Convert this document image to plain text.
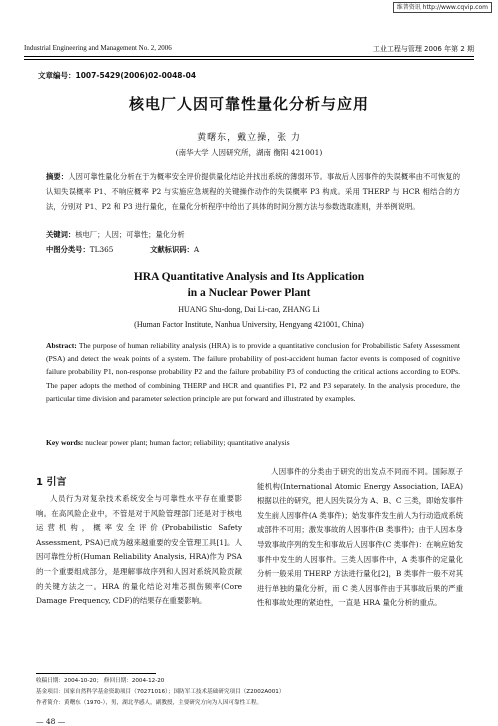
维普资讯 http://www.cqvip.com
Industrial Engineering and Management No. 2, 2006	工业工程与管理 2006 年第 2 期
文章编号：1007-5429(2006)02-0048-04
核电厂人因可靠性量化分析与应用
黄曙东，戴立操，张 力
(南华大学 人因研究所，湖南 衡阳 421001)
摘要：人因可靠性量化分析在于为概率安全评价提供量化结论并找出系统的薄弱环节。事故后人因事件的失误概率由不可恢复的认知失误概率 P1、不响应概率 P2 与实施应急规程的关键操作动作的失误概率 P3 构成。采用 THERP 与 HCR 相结合的方法，分别对 P1、P2 和 P3 进行量化，在量化分析程序中给出了具体的时间分割方法与参数选取准则，并举例说明。
关键词：核电厂；人因；可靠性；量化分析
中图分类号：TL365	文献标识码：A
HRA Quantitative Analysis and Its Application
in a Nuclear Power Plant
HUANG Shu-dong, Dai Li-cao, ZHANG Li
(Human Factor Institute, Nanhua University, Hengyang 421001, China)
Abstract: The purpose of human reliability analysis (HRA) is to provide a quantitative conclusion for Probabilistic Safety Assessment (PSA) and detect the weak points of a system. The failure probability of post-accident human factor events is composed of cognitive failure probability P1, non-response probability P2 and the failure probability P3 of conducting the critical actions according to EOPs. The paper adopts the method of combining THERP and HCR and quantifies P1, P2 and P3 separately. In the analysis procedure, the particular time division and parameter selection principle are put forward and illustrated by examples.
Key words: nuclear power plant; human factor; reliability; quantitative analysis
1 引言
人员行为对复杂技术系统安全与可靠性水平存在重要影响。在高风险企业中，不管是对于风险管理部门还是对于核电运营机构，概率安全评价(Probabilistic Safety Assessment, PSA)已成为越来越重要的安全管理工具[1]。人因可靠性分析(Human Reliability Analysis, HRA)作为 PSA 的一个重要组成部分，是理解事故序列和人因对系统风险贡献的关键方法之一。HRA 的量化结论对堆芯损伤频率(Core Damage Frequency, CDF)的结果存在重要影响。
人因事件的分类由于研究的出发点不同而不同。国际原子能机构(International Atomic Energy Association, IAEA)根据以往的研究，把人因失误分为 A、B、C 三类，即始发事件发生前人因事件(A 类事件)；始发事件发生前人为行动造成系统或部件不可用；激发事故的人因事件(B 类事件)；由于人因本身导致事故序列的发生和事故后人因事件(C 类事件)：在响应始发事件中发生的人因事件。三类人因事件中，A 类事件的定量化分析一般采用 THERP 方法进行量化[2]，B 类事件一般不对其进行单独的量化分析，而 C 类人因事件由于其事故后果的严重性和事故处理的紧迫性，一直是 HRA 量化分析的重点。
收稿日期：2004-10-20； 修回日期：2004-12-20
基金项目：国家自然科学基金资助项目（70271016）；国防军工技术基础研究项目（Z2002A001）
作者简介：黄曙东（1970-），男，湖北孝感人，副教授，主要研究方向为人因可靠性工程。
— 48 —
